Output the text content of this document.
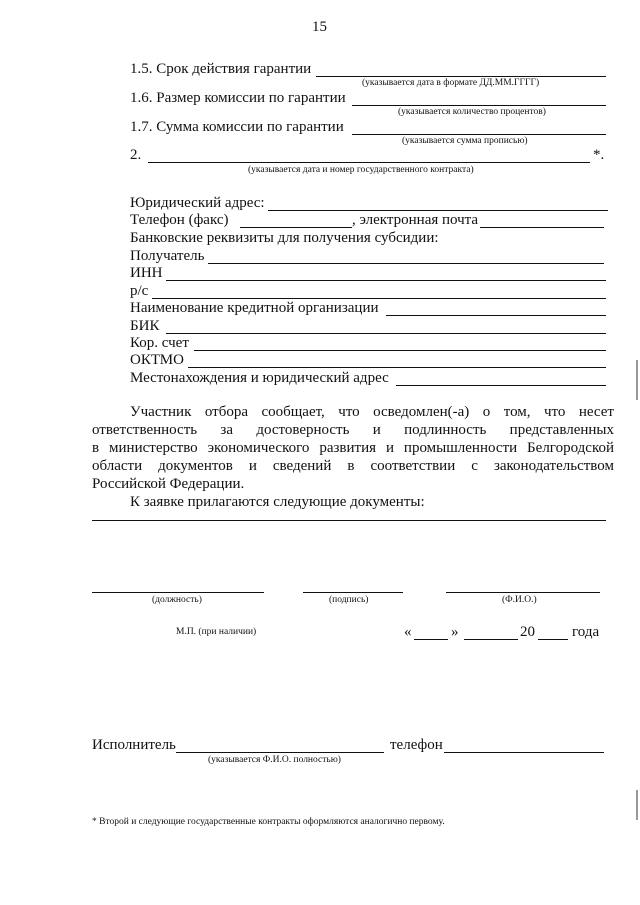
15
1.5. Срок действия гарантии
(указывается дата в формате ДД.ММ.ГГГГ)
1.6. Размер комиссии по гарантии
(указывается количество процентов)
1.7. Сумма комиссии по гарантии
(указывается сумма прописью)
2.	*.
(указывается дата и номер государственного контракта)
Юридический адрес:
Телефон (факс)	, электронная почта
Банковские реквизиты для получения субсидии:
Получатель
ИНН
р/с
Наименование кредитной организации
БИК
Кор. счет
ОКТМО
Местонахождения и юридический адрес
Участник отбора сообщает, что осведомлен(-а) о том, что несет
ответственность за достоверность и подлинность представленных
в министерство экономического развития и промышленности Белгородской
области документов и сведений в соответствии с законодательством
Российской Федерации.
К заявке прилагаются следующие документы:
(должность)	(подпись)	(Ф.И.О.)
М.П. (при наличии)	«	»	20 года
Исполнитель
(указывается Ф.И.О. полностью)
телефон
* Второй и следующие государственные контракты оформляются аналогично первому.
